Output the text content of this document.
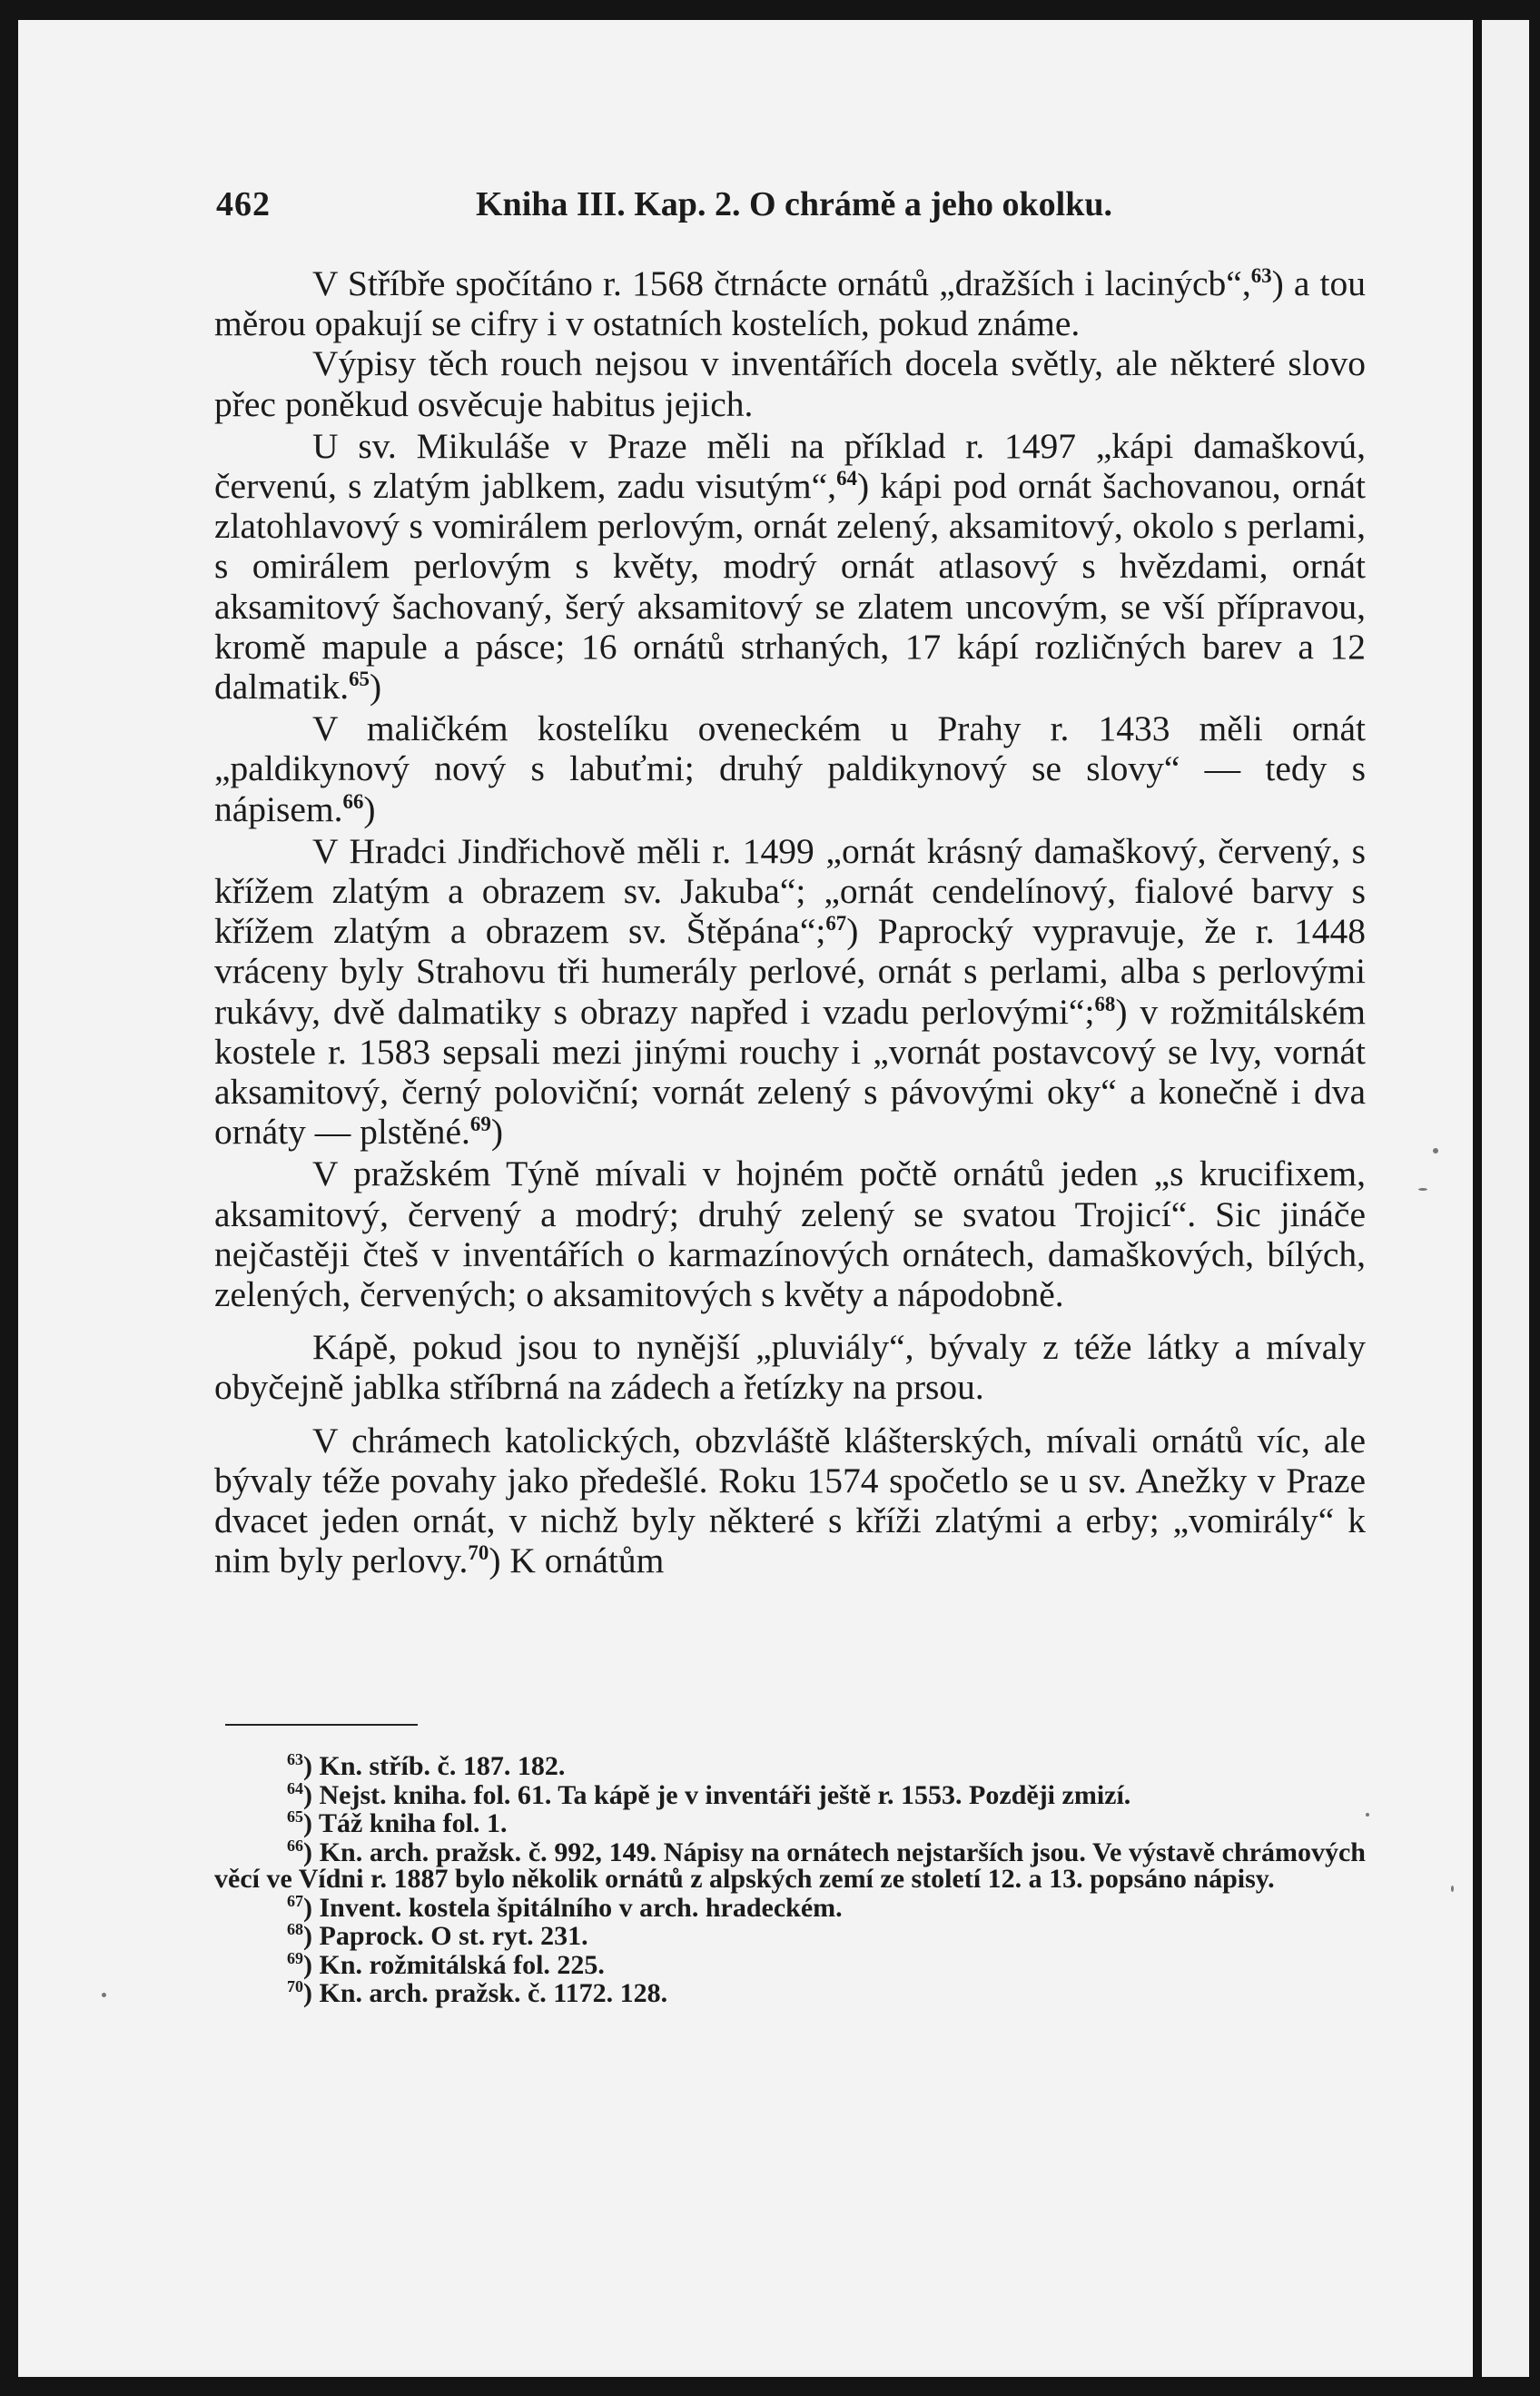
462	Kniha III. Kap. 2. O chrámě a jeho okolku.

V Stříbře spočítáno r. 1568 čtrnácte ornátů „dražších i lacinýcb“,$^{63}$) a tou měrou opakují se cifry i v ostatních kostelích, pokud známe.

Výpisy těch rouch nejsou v inventářích docela světly, ale některé slovo přec poněkud osvěcuje habitus jejich.

U sv. Mikuláše v Praze měli na příklad r. 1497 „kápi damaškovú, červenú, s zlatým jablkem, zadu visutým“,$^{64}$) kápi pod ornát šachovanou, ornát zlatohlavový s vomirálem perlovým, ornát zelený, aksamitový, okolo s perlami, s omirálem perlovým s květy, modrý ornát atlasový s hvězdami, ornát aksamitový šachovaný, šerý aksamitový se zlatem uncovým, se vší přípravou, kromě mapule a pásce; 16 ornátů strhaných, 17 kápí rozličných barev a 12 dalmatik.$^{65}$)

V maličkém kostelíku oveneckém u Prahy r. 1433 měli ornát „paldikynový nový s labuťmi; druhý paldikynový se slovy“ — tedy s nápisem.$^{66}$)

V Hradci Jindřichově měli r. 1499 „ornát krásný damaškový, červený, s křížem zlatým a obrazem sv. Jakuba“; „ornát cendelínový, fialové barvy s křížem zlatým a obrazem sv. Štěpána“;$^{67}$) Paprocký vypravuje, že r. 1448 vráceny byly Strahovu tři humerály perlové, ornát s perlami, alba s perlovými rukávy, dvě dalmatiky s obrazy napřed i vzadu perlovými“;$^{68}$) v rožmitálském kostele r. 1583 sepsali mezi jinými rouchy i „vornát postavcový se lvy, vornát aksamitový, černý poloviční; vornát zelený s pávovými oky“ a konečně i dva ornáty — plstěné.$^{69}$)

V pražském Týně mívali v hojném počtě ornátů jeden „s krucifixem, aksamitový, červený a modrý; druhý zelený se svatou Trojicí“. Sic jináče nejčastěji čteš v inventářích o karmazínových ornátech, damaškových, bílých, zelených, červených; o aksamitových s květy a nápodobně.

Kápě, pokud jsou to nynější „pluviály“, bývaly z téže látky a mívaly obyčejně jablka stříbrná na zádech a řetízky na prsou.

V chrámech katolických, obzvláště klášterských, mívali ornátů víc, ale bývaly téže povahy jako předešlé. Roku 1574 spočetlo se u sv. Anežky v Praze dvacet jeden ornát, v nichž byly některé s kříži zlatými a erby; „vomirály“ k nim byly perlovy.$^{70}$) K ornátům

$^{63}$) Kn. stříb. č. 187. 182.
$^{64}$) Nejst. kniha. fol. 61. Ta kápě je v inventáři ještě r. 1553. Později zmizí.
$^{65}$) Táž kniha fol. 1.
$^{66}$) Kn. arch. pražsk. č. 992, 149. Nápisy na ornátech nejstarších jsou. Ve výstavě chrámových věcí ve Vídni r. 1887 bylo několik ornátů z alpských zemí ze století 12. a 13. popsáno nápisy.
$^{67}$) Invent. kostela špitálního v arch. hradeckém.
$^{68}$) Paprock. O st. ryt. 231.
$^{69}$) Kn. rožmitálská fol. 225.
$^{70}$) Kn. arch. pražsk. č. 1172. 128.
